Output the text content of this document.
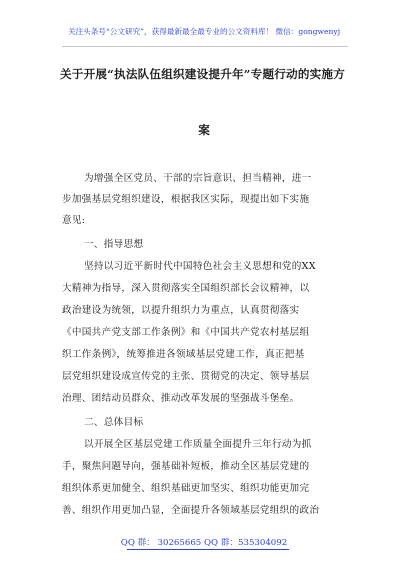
关注头条号“公文研究”，获得最新最全最专业的公文资料库！ 微信：gongwenyj
关于开展“执法队伍组织建设提升年”专题行动的实施方
案
为增强全区党员、干部的宗旨意识、担当精神，进一
步加强基层党组织建设，根据我区实际，现提出如下实施
意见:
一、指导思想
坚持以习近平新时代中国特色社会主义思想和党的XX
大精神为指导，深入贯彻落实全国组织部长会议精神，以
政治建设为统领，以提升组织力为重点，认真贯彻落实
《中国共产党支部工作条例》和《中国共产党农村基层组
织工作条例》，统筹推进各领域基层党建工作，真正把基
层党组织建设成宣传党的主张、贯彻党的决定、领导基层
治理、团结动员群众、推动改革发展的坚强战斗堡垒。
二、总体目标
以开展全区基层党建工作质量全面提升三年行动为抓
手，聚焦问题导向，强基础补短板，推动全区基层党建的
组织体系更加健全、组织基础更加坚实、组织功能更加完
善、组织作用更加凸显，全面提升各领域基层党组织的政治
QQ 群： 30265665 QQ 群：535304092
